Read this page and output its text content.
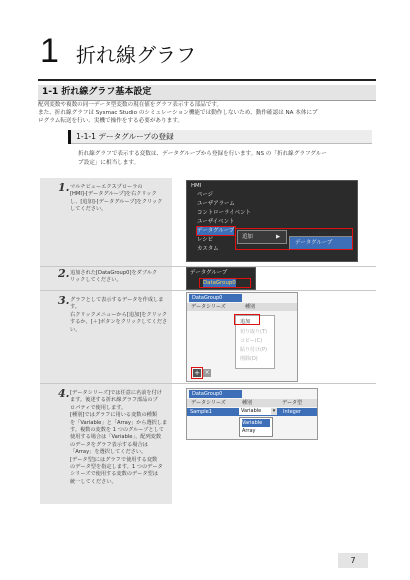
1 折れ線グラフ
1-1 折れ線グラフ基本設定
配列変数や複数の同一データ型変数の現在値をグラフ表示する部品です。
また、折れ線グラフは Sysmac Studio のシミュレーション機能では動作しないため、動作確認は NA 本体にプ
ログラム転送を行い、実機で操作をする必要があります。
1-1-1 データグループの登録
折れ線グラフで表示する変数は、データグループから登録を行います。NS の「折れ線グラフグルー
プ設定」に相当します。
1. マルチビューエクスプローラの
[HMI]-[データグループ]を右クリック
し、[追加]-[データグループ]をクリック
してください。
2. 追加された[DataGroup0]をダブルク
リックしてください。
3. グラフとして表示するデータを作成しま
す。
右クリックメニューから[追加]をクリック
するか、[＋]ボタンをクリックしてくださ
い。
4. [データシリーズ]では任意に名前を付け
ます。後述する折れ線グラフ部品のプ
ロパティで使用します。
[種別]ではグラフに用いる変数の種類
を「Variable」と「Array」から選択しま
す。複数の変数を 1 つのグループとして
使用する場合は「Variable」、配列変数
のデータをグラフ表示する場合は
「Array」を選択してください。
[データ型]にはグラフで使用する変数
のデータ型を指定します。1 つのデータ
シリーズで使用する変数のデータ型は
統一してください。
HMI
ページ
ユーザアラーム
コントローライベント
ユーザイベント
データグループ
レシピ
カスタム
追加	▶
データグループ
データグループ
DataGroup0
DataGroup0
データシリーズ	種別
追加
切り取り(T)
コピー(C)
貼り付け(P)
削除(D)
+ ×
DataGroup0
データシリーズ	種別	データ型
Sample1	Variable	▾	Integer
Variable
Array
7
